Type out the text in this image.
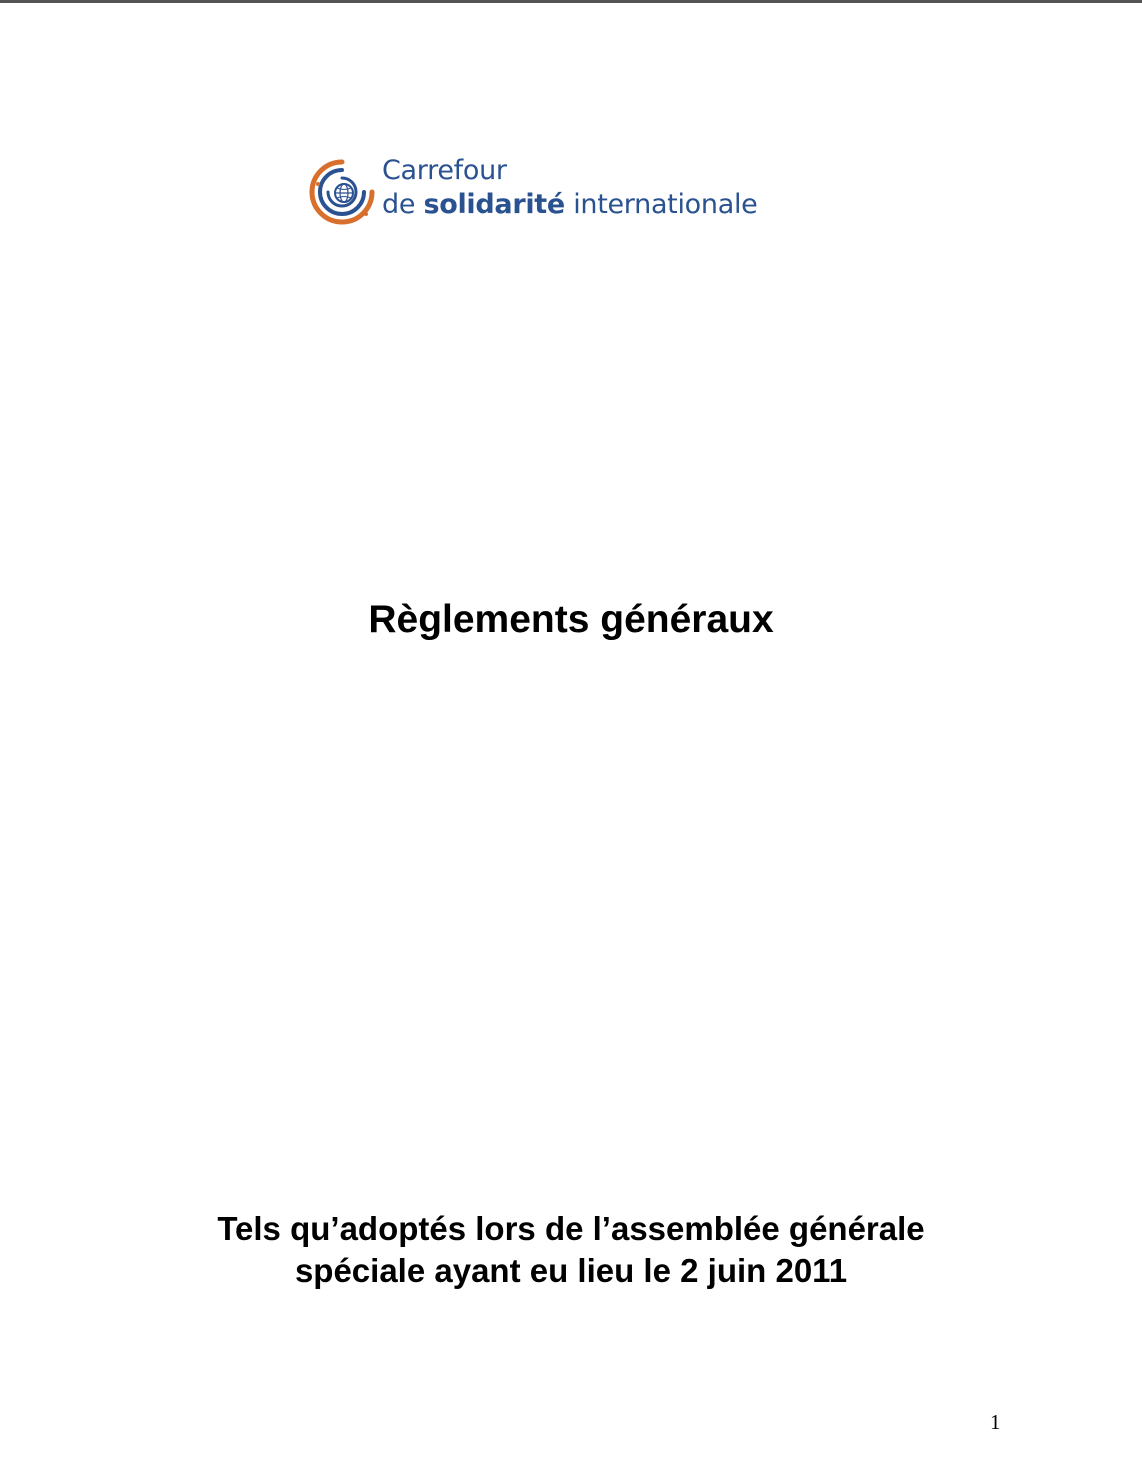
Carrefour
de solidarité internationale
Règlements généraux
Tels qu’adoptés lors de l’assemblée générale
spéciale ayant eu lieu le 2 juin 2011
1
